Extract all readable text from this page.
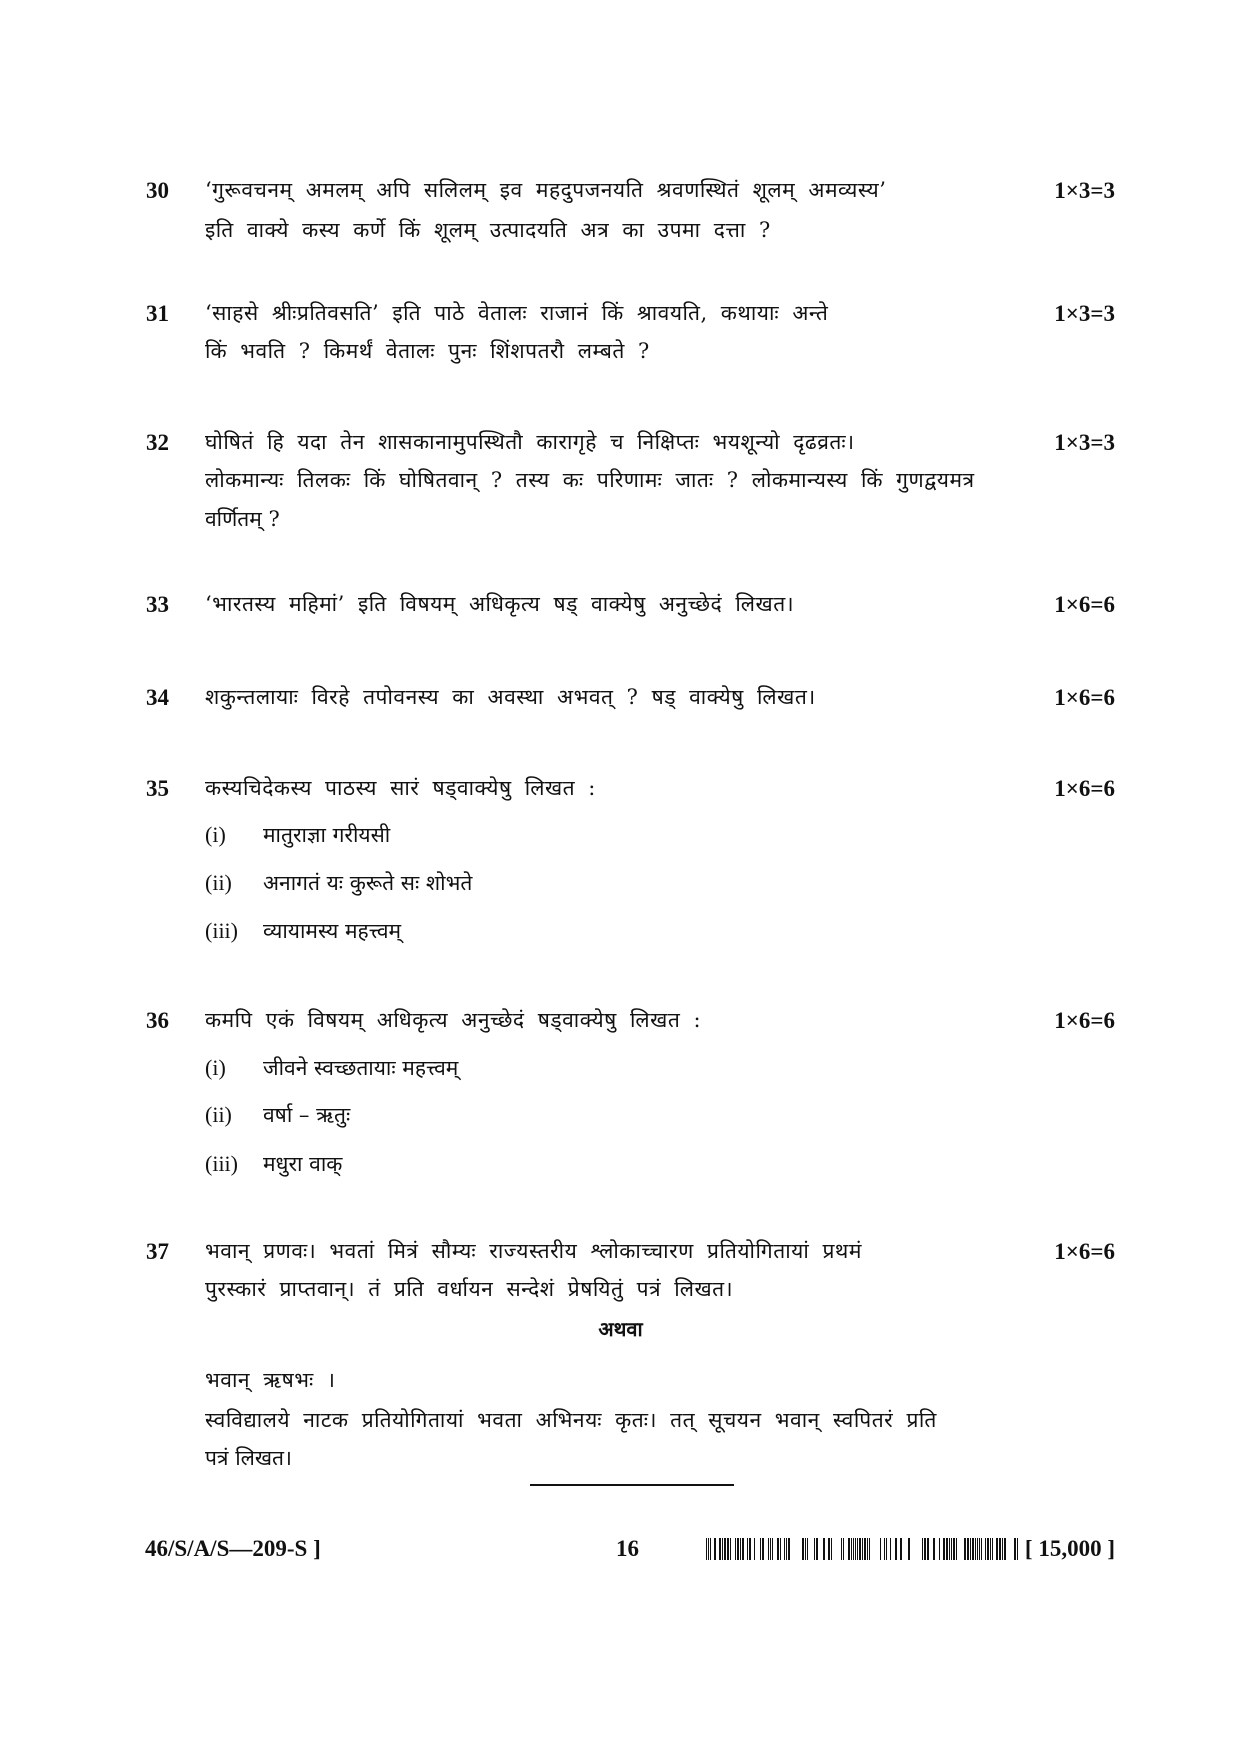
30 ‘गुरूवचनम् अमलम् अपि सलिलम् इव महदुपजनयति श्रवणस्थितं शूलम् अमव्यस्य’
इति वाक्ये कस्य कर्णे किं शूलम् उत्पादयति अत्र का उपमा दत्ता ?
1×3=3
31 ‘साहसे श्रीःप्रतिवसति’ इति पाठे वेतालः राजानं किं श्रावयति, कथायाः अन्ते
किं भवति ? किमर्थं वेतालः पुनः शिंशपतरौ लम्बते ?
1×3=3
32 घोषितं हि यदा तेन शासकानामुपस्थितौ कारागृहे च निक्षिप्तः भयशून्यो दृढव्रतः।
लोकमान्यः तिलकः किं घोषितवान् ? तस्य कः परिणामः जातः ? लोकमान्यस्य किं गुणद्वयमत्र
वर्णितम् ?
1×3=3
33 ‘भारतस्य महिमां’ इति विषयम् अधिकृत्य षड् वाक्येषु अनुच्छेदं लिखत।	1×6=6
34 शकुन्तलायाः विरहे तपोवनस्य का अवस्था अभवत् ? षड् वाक्येषु लिखत।	1×6=6
35 कस्यचिदेकस्य पाठस्य सारं षड्वाक्येषु लिखत :	1×6=6
(i) मातुराज्ञा गरीयसी
(ii) अनागतं यः कुरूते सः शोभते
(iii) व्यायामस्य महत्त्वम्
36 कमपि एकं विषयम् अधिकृत्य अनुच्छेदं षड्वाक्येषु लिखत :	1×6=6
(i) जीवने स्वच्छतायाः महत्त्वम्
(ii) वर्षा – ऋतुः
(iii) मधुरा वाक्
37 भवान् प्रणवः। भवतां मित्रं सौम्यः राज्यस्तरीय श्लोकाच्चारण प्रतियोगितायां प्रथमं
पुरस्कारं प्राप्तवान्। तं प्रति वर्धायन सन्देशं प्रेषयितुं पत्रं लिखत।
1×6=6
अथवा
भवान् ऋषभः ।
स्वविद्यालये नाटक प्रतियोगितायां भवता अभिनयः कृतः। तत् सूचयन भवान् स्वपितरं प्रति
पत्रं लिखत।
46/S/A/S—209-S ]	16	[ 15,000 ]
